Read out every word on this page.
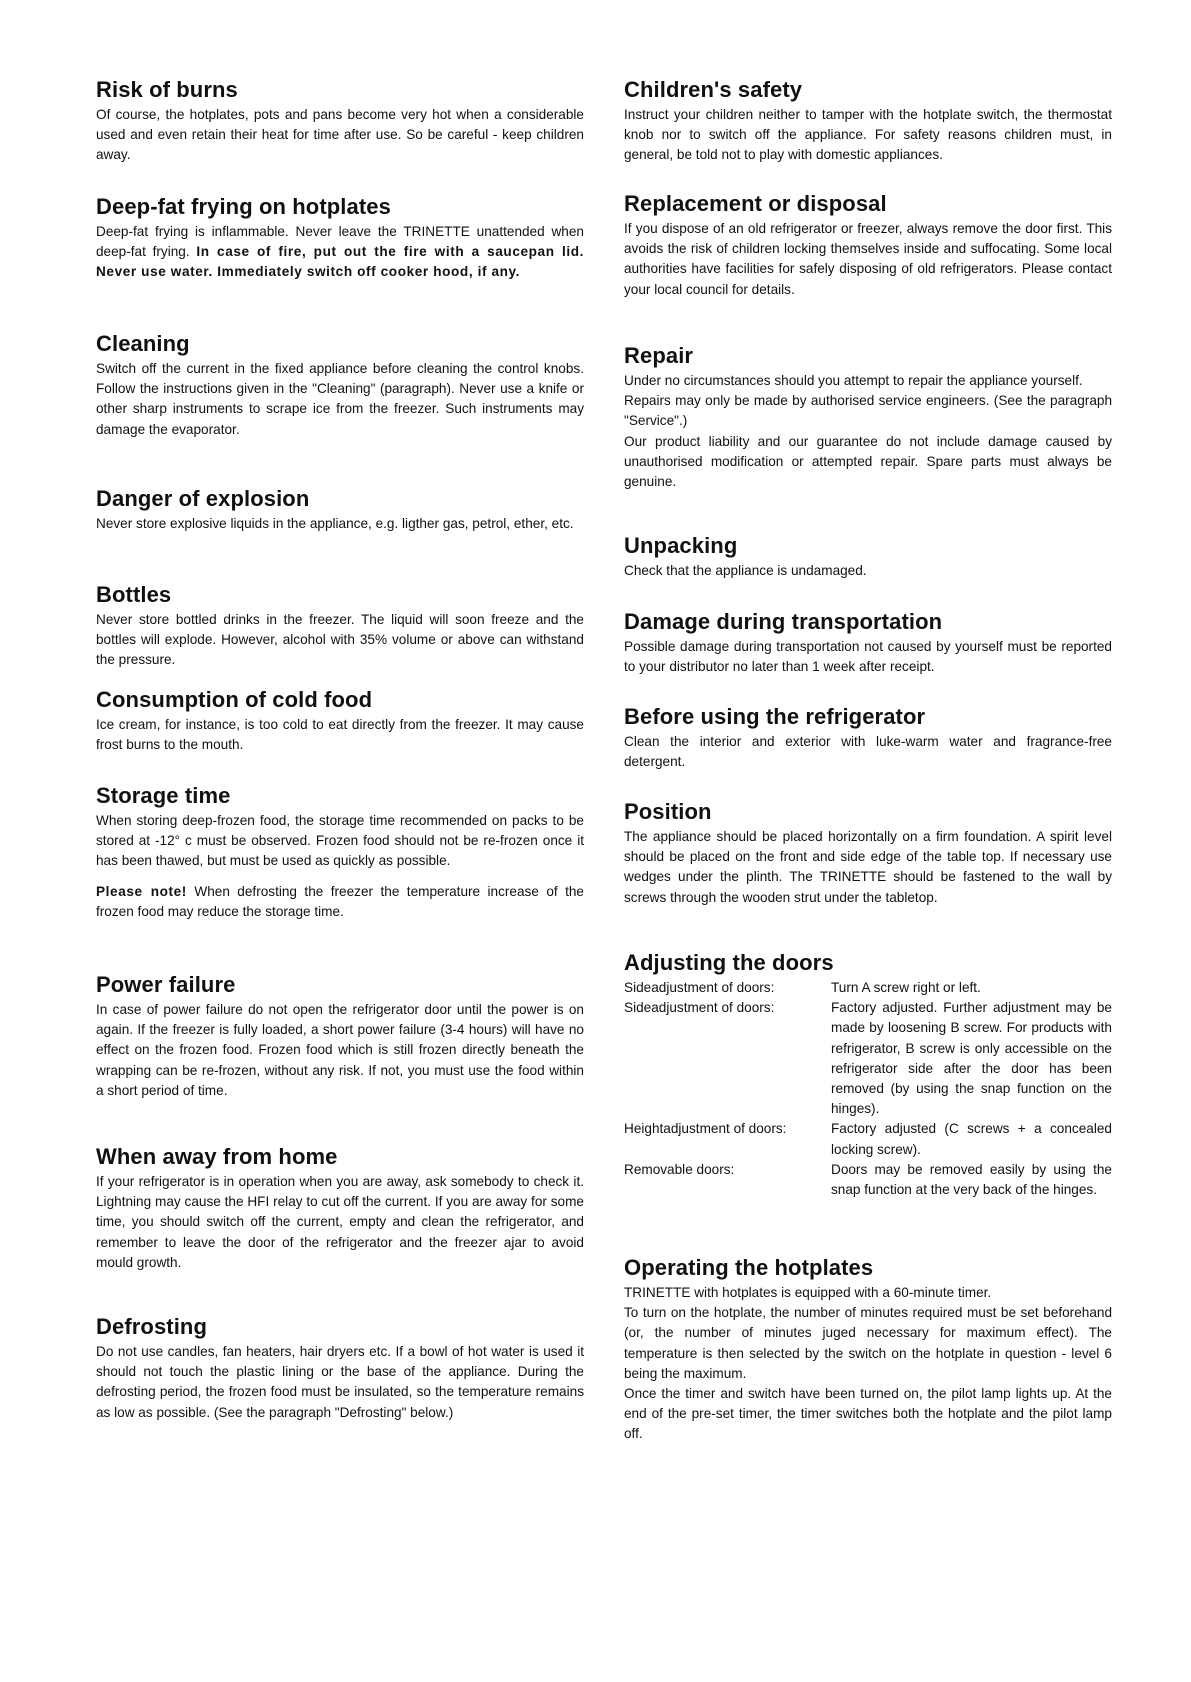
Risk of burns

Of course, the hotplates, pots and pans become very hot when a considerable used and even retain their heat for time after use. So be careful - keep children away.

Deep-fat frying on hotplates

Deep-fat frying is inflammable. Never leave the TRINETTE unattended when deep-fat frying. In case of fire, put out the fire with a saucepan lid. Never use water. Immediately switch off cooker hood, if any.

Cleaning

Switch off the current in the fixed appliance before cleaning the control knobs. Follow the instructions given in the "Cleaning" (paragraph). Never use a knife or other sharp instruments to scrape ice from the freezer. Such instruments may damage the evaporator.

Danger of explosion

Never store explosive liquids in the appliance, e.g. ligther gas, petrol, ether, etc.

Bottles

Never store bottled drinks in the freezer. The liquid will soon freeze and the bottles will explode. However, alcohol with 35% volume or above can withstand the pressure.

Consumption of cold food

Ice cream, for instance, is too cold to eat directly from the freezer. It may cause frost burns to the mouth.

Storage time

When storing deep-frozen food, the storage time recommended on packs to be stored at -12° c must be observed. Frozen food should not be re-frozen once it has been thawed, but must be used as quickly as possible.

Please note! When defrosting the freezer the temperature increase of the frozen food may reduce the storage time.

Power failure

In case of power failure do not open the refrigerator door until the power is on again. If the freezer is fully loaded, a short power failure (3-4 hours) will have no effect on the frozen food. Frozen food which is still frozen directly beneath the wrapping can be re-frozen, without any risk. If not, you must use the food within a short period of time.

When away from home

If your refrigerator is in operation when you are away, ask somebody to check it. Lightning may cause the HFI relay to cut off the current. If you are away for some time, you should switch off the current, empty and clean the refrigerator, and remember to leave the door of the refrigerator and the freezer ajar to avoid mould growth.

Defrosting

Do not use candles, fan heaters, hair dryers etc. If a bowl of hot water is used it should not touch the plastic lining or the base of the appliance. During the defrosting period, the frozen food must be insulated, so the temperature remains as low as possible. (See the paragraph "Defrosting" below.)

Children's safety

Instruct your children neither to tamper with the hotplate switch, the thermostat knob nor to switch off the appliance. For safety reasons children must, in general, be told not to play with domestic appliances.

Replacement or disposal

If you dispose of an old refrigerator or freezer, always remove the door first. This avoids the risk of children locking themselves inside and suffocating. Some local authorities have facilities for safely disposing of old refrigerators. Please contact your local council for details.

Repair

Under no circumstances should you attempt to repair the appliance yourself.

Repairs may only be made by authorised service engineers. (See the paragraph "Service".)

Our product liability and our guarantee do not include damage caused by unauthorised modification or attempted repair. Spare parts must always be genuine.

Unpacking

Check that the appliance is undamaged.

Damage during transportation

Possible damage during transportation not caused by yourself must be reported to your distributor no later than 1 week after receipt.

Before using the refrigerator

Clean the interior and exterior with luke-warm water and fragrance-free detergent.

Position

The appliance should be placed horizontally on a firm foundation. A spirit level should be placed on the front and side edge of the table top. If necessary use wedges under the plinth. The TRINETTE should be fastened to the wall by screws through the wooden strut under the tabletop.

Adjusting the doors
Sideadjustment of doors:	Turn A screw right or left.
Sideadjustment of doors:	Factory adjusted. Further adjustment may be made by loosening B screw. For products with refrigerator, B screw is only accessible on the refrigerator side after the door has been removed (by using the snap function on the hinges).
Heightadjustment of doors:	Factory adjusted (C screws + a concealed locking screw).
Removable doors:	Doors may be removed easily by using the snap function at the very back of the hinges.
Operating the hotplates

TRINETTE with hotplates is equipped with a 60-minute timer.

To turn on the hotplate, the number of minutes required must be set beforehand (or, the number of minutes juged necessary for maximum effect). The temperature is then selected by the switch on the hotplate in question - level 6 being the maximum.

Once the timer and switch have been turned on, the pilot lamp lights up. At the end of the pre-set timer, the timer switches both the hotplate and the pilot lamp off.
